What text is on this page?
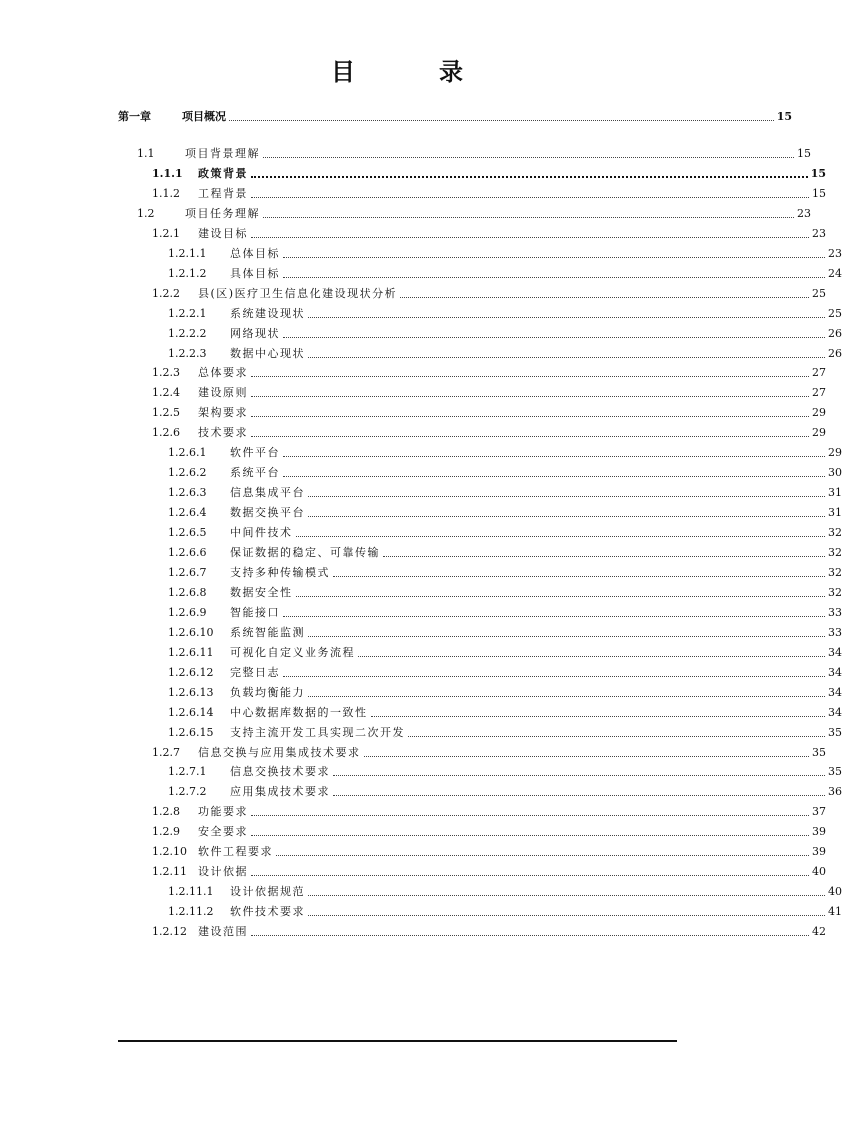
目　录
第一章	项目概况	15
1.1	项目背景理解	15
1.1.1	政策背景	15
1.1.2	工程背景	15
1.2	项目任务理解	23
1.2.1	建设目标	23
1.2.1.1	总体目标	23
1.2.1.2	具体目标	24
1.2.2	县(区)医疗卫生信息化建设现状分析	25
1.2.2.1	系统建设现状	25
1.2.2.2	网络现状	26
1.2.2.3	数据中心现状	26
1.2.3	总体要求	27
1.2.4	建设原则	27
1.2.5	架构要求	29
1.2.6	技术要求	29
1.2.6.1	软件平台	29
1.2.6.2	系统平台	30
1.2.6.3	信息集成平台	31
1.2.6.4	数据交换平台	31
1.2.6.5	中间件技术	32
1.2.6.6	保证数据的稳定、可靠传输	32
1.2.6.7	支持多种传输模式	32
1.2.6.8	数据安全性	32
1.2.6.9	智能接口	33
1.2.6.10	系统智能监测	33
1.2.6.11	可视化自定义业务流程	34
1.2.6.12	完整日志	34
1.2.6.13	负载均衡能力	34
1.2.6.14	中心数据库数据的一致性	34
1.2.6.15	支持主流开发工具实现二次开发	35
1.2.7	信息交换与应用集成技术要求	35
1.2.7.1	信息交换技术要求	35
1.2.7.2	应用集成技术要求	36
1.2.8	功能要求	37
1.2.9	安全要求	39
1.2.10	软件工程要求	39
1.2.11	设计依据	40
1.2.11.1	设计依据规范	40
1.2.11.2	软件技术要求	41
1.2.12	建设范围	42
